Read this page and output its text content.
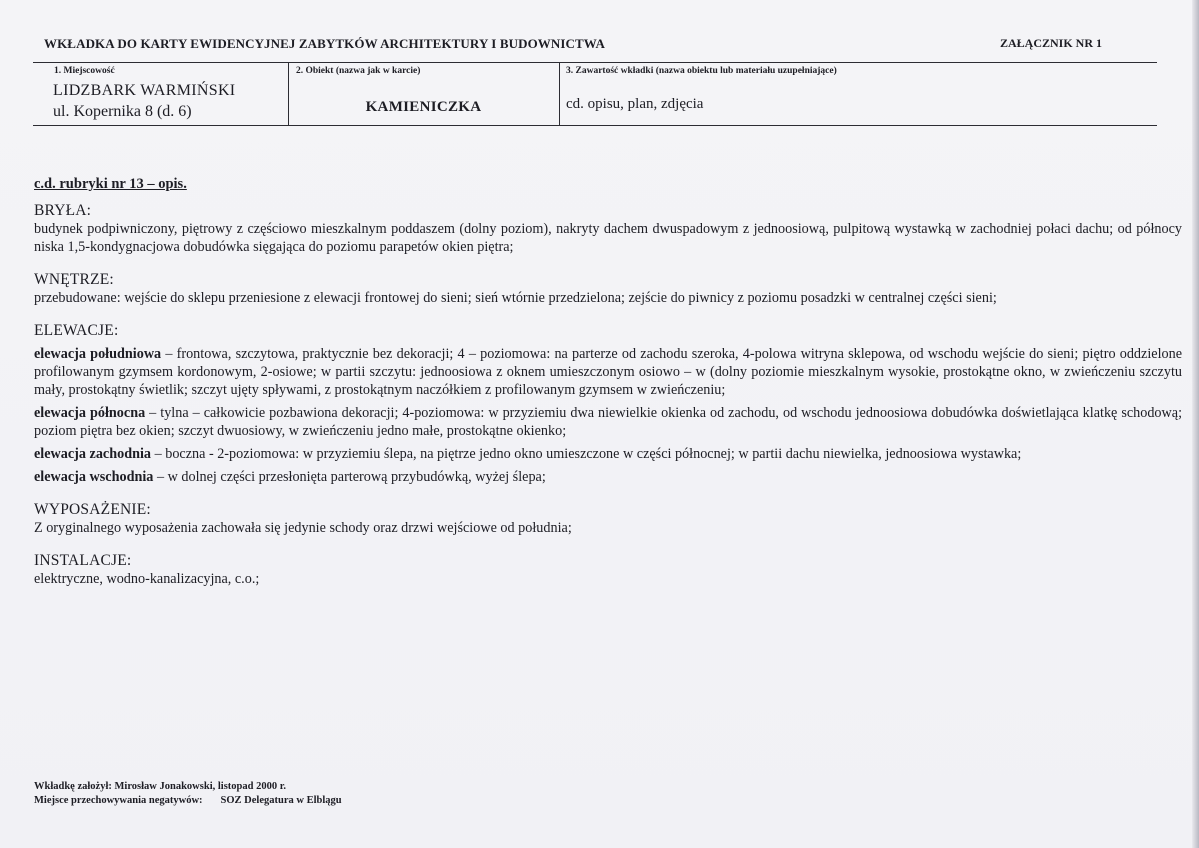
WKŁADKA DO KARTY EWIDENCYJNEJ ZABYTKÓW ARCHITEKTURY I BUDOWNICTWA	ZAŁĄCZNIK NR 1
1. Miejscowość	2. Obiekt (nazwa jak w karcie)	3. Zawartość wkładki (nazwa obiektu lub materiału uzupełniające)
LIDZBARK WARMIŃSKI
ul. Kopernika 8 (d. 6)	KAMIENICZKA	cd. opisu, plan, zdjęcia

c.d. rubryki nr 13 – opis.

BRYŁA:

budynek podpiwniczony, piętrowy z częściowo mieszkalnym poddaszem (dolny poziom), nakryty dachem dwuspadowym z jednoosiową, pulpitową wystawką w zachodniej połaci dachu; od północy niska 1,5-kondygnacjowa dobudówka sięgająca do poziomu parapetów okien piętra;

WNĘTRZE:

przebudowane: wejście do sklepu przeniesione z elewacji frontowej do sieni; sień wtórnie przedzielona; zejście do piwnicy z poziomu posadzki w centralnej części sieni;

ELEWACJE:

elewacja południowa – frontowa, szczytowa, praktycznie bez dekoracji; 4 – poziomowa: na parterze od zachodu szeroka, 4-polowa witryna sklepowa, od wschodu wejście do sieni; piętro oddzielone profilowanym gzymsem kordonowym, 2-osiowe; w partii szczytu: jednoosiowa z oknem umieszczonym osiowo – w (dolny poziomie mieszkalnym wysokie, prostokątne okno, w zwieńczeniu szczytu mały, prostokątny świetlik; szczyt ujęty spływami, z prostokątnym naczółkiem z profilowanym gzymsem w zwieńczeniu;

elewacja północna – tylna – całkowicie pozbawiona dekoracji; 4-poziomowa: w przyziemiu dwa niewielkie okienka od zachodu, od wschodu jednoosiowa dobudówka doświetlająca klatkę schodową; poziom piętra bez okien; szczyt dwuosiowy, w zwieńczeniu jedno małe, prostokątne okienko;

elewacja zachodnia – boczna - 2-poziomowa: w przyziemiu ślepa, na piętrze jedno okno umieszczone w części północnej; w partii dachu niewielka, jednoosiowa wystawka;

elewacja wschodnia – w dolnej części przesłonięta parterową przybudówką, wyżej ślepa;

WYPOSAŻENIE:

Z oryginalnego wyposażenia zachowała się jedynie schody oraz drzwi wejściowe od południa;

INSTALACJE:

elektryczne, wodno-kanalizacyjna, c.o.;

Wkładkę założył: Mirosław Jonakowski, listopad 2000 r.
Miejsce przechowywania negatywów: SOZ Delegatura w Elblągu
